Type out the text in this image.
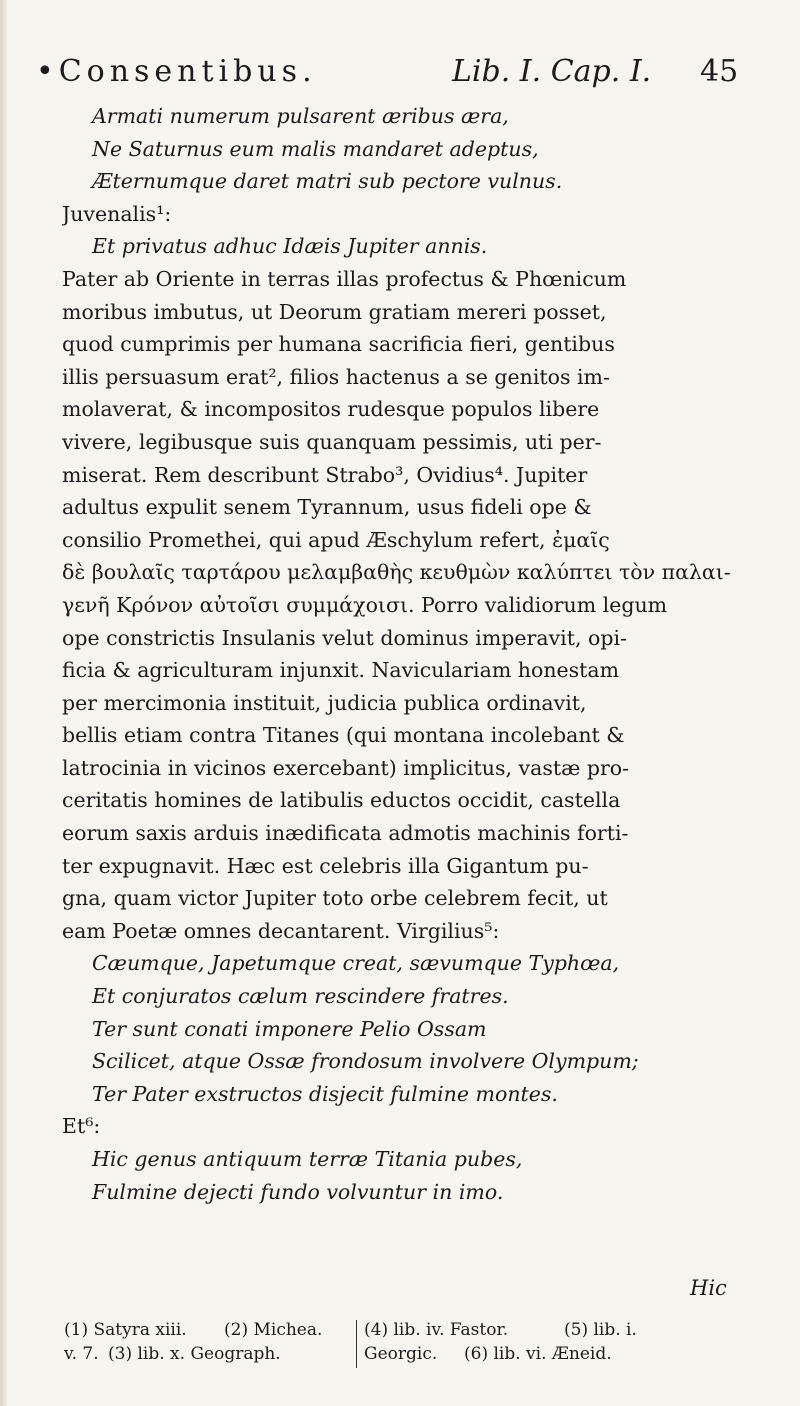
•Consentibus.	Lib. I. Cap. I. 45
Armati numerum pulsarent æribus æra,
Ne Saturnus eum malis mandaret adeptus,
Æternumque daret matri sub pectore vulnus.
Juvenalis¹:
Et privatus adhuc Idæis Jupiter annis.
Pater ab Oriente in terras illas profectus & Phœnicum
moribus imbutus, ut Deorum gratiam mereri posset,
quod cumprimis per humana sacrificia fieri, gentibus
illis persuasum erat², filios hactenus a se genitos im-
molaverat, & incompositos rudesque populos libere
vivere, legibusque suis quanquam pessimis, uti per-
miserat. Rem describunt Strabo³, Ovidius⁴. Jupiter
adultus expulit senem Tyrannum, usus fideli ope &
consilio Promethei, qui apud Æschylum refert, ἐμαῖς
δὲ βουλαῖς ταρτάρου μελαμβαθὴς κευθμὼν καλύπτει τὸν παλαι-
γενῆ Κρόνον αὐτοῖσι συμμάχοισι. Porro validiorum legum
ope constrictis Insulanis velut dominus imperavit, opi-
ficia & agriculturam injunxit. Naviculariam honestam
per mercimonia instituit, judicia publica ordinavit,
bellis etiam contra Titanes (qui montana incolebant &
latrocinia in vicinos exercebant) implicitus, vastæ pro-
ceritatis homines de latibulis eductos occidit, castella
eorum saxis arduis inædificata admotis machinis forti-
ter expugnavit. Hæc est celebris illa Gigantum pu-
gna, quam victor Jupiter toto orbe celebrem fecit, ut
eam Poetæ omnes decantarent. Virgilius⁵:
Cæumque, Japetumque creat, sævumque Typhœa,
Et conjuratos cælum rescindere fratres.
Ter sunt conati imponere Pelio Ossam
Scilicet, atque Ossæ frondosum involvere Olympum;
Ter Pater exstructos disjecit fulmine montes.
Et⁶:
Hic genus antiquum terræ Titania pubes,
Fulmine dejecti fundo volvuntur in imo.
Hic
(1) Satyra xiii.
v. 7.
(2) Michea.
(3) lib. x. Geograph.
(4) lib. iv. Fastor.
Georgic.
(5) lib. i.
(6) lib. vi. Æneid.
